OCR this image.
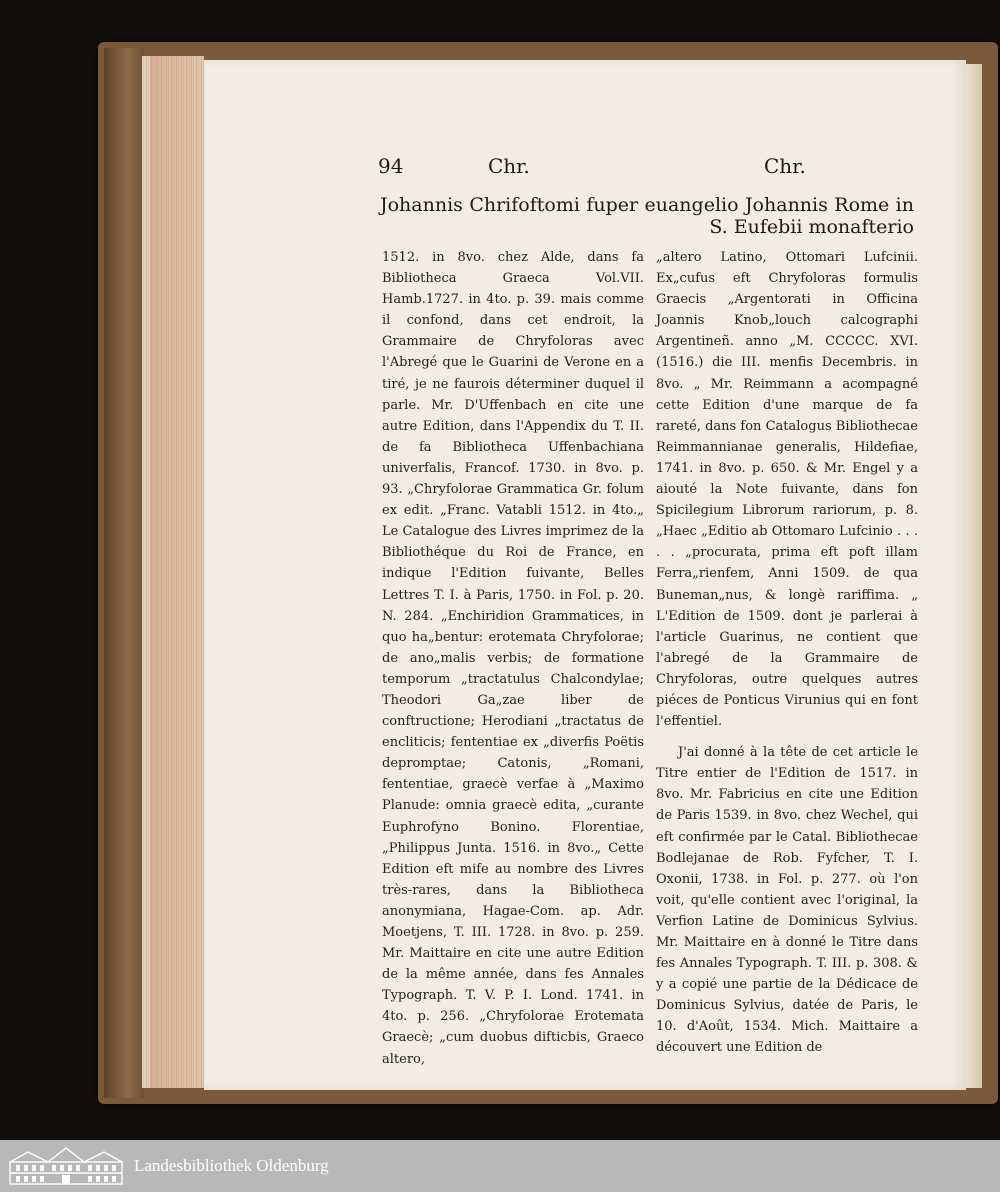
94	Chr.	Chr.
Johannis Chrifoftomi fuper euangelio Johannis Rome in S. Eufebii monafterio

1512. in 8vo. chez Alde, dans fa Bibliotheca Graeca Vol.VII. Hamb.1727. in 4to. p. 39. mais comme il confond, dans cet endroit, la Grammaire de Chryfoloras avec l'Abregé que le Guarini de Verone en a tiré, je ne faurois déterminer duquel il parle. Mr. D'Uffenbach en cite une autre Edition, dans l'Appendix du T. II. de fa Bibliotheca Uffenbachiana univerfalis, Francof. 1730. in 8vo. p. 93. „Chryfolorae Grammatica Gr. folum ex edit. „Franc. Vatabli 1512. in 4to.„ Le Catalogue des Livres imprimez de la Bibliothéque du Roi de France, en indique l'Edition fuivante, Belles Lettres T. I. à Paris, 1750. in Fol. p. 20. N. 284. „Enchiridion Grammatices, in quo ha„bentur: erotemata Chryfolorae; de ano„malis verbis; de formatione temporum „tractatulus Chalcondylae; Theodori Ga„zae liber de conftructione; Herodiani „tractatus de encliticis; fententiae ex „diverfis Poëtis depromptae; Catonis, „Romani, fententiae, graecè verfae à „Maximo Planude: omnia graecè edita, „curante Euphrofyno Bonino. Florentiae, „Philippus Junta. 1516. in 8vo.„ Cette Edition eft mife au nombre des Livres très-rares, dans la Bibliotheca anonymiana, Hagae-Com. ap. Adr. Moetjens, T. III. 1728. in 8vo. p. 259. Mr. Maittaire en cite une autre Edition de la même année, dans fes Annales Typograph. T. V. P. I. Lond. 1741. in 4to. p. 256. „Chryfolorae Erotemata Graecè; „cum duobus difticbis, Graeco altero,

„altero Latino, Ottomari Lufcinii. Ex„cufus eft Chryfoloras formulis Graecis „Argentorati in Officina Joannis Knob„louch calcographi Argentineñ. anno „M. CCCCC. XVI. (1516.) die III. menfis Decembris. in 8vo. „ Mr. Reimmann a acompagné cette Edition d'une marque de fa rareté, dans fon Catalogus Bibliothecae Reimmannianae generalis, Hildefiae, 1741. in 8vo. p. 650. & Mr. Engel y a aiouté la Note fuivante, dans fon Spicilegium Librorum rariorum, p. 8. „Haec „Editio ab Ottomaro Lufcinio . . . . . „procurata, prima eft poft illam Ferra„rienfem, Anni 1509. de qua Buneman„nus, & longè rariffima. „ L'Edition de 1509. dont je parlerai à l'article Guarinus, ne contient que l'abregé de la Grammaire de Chryfoloras, outre quelques autres piéces de Ponticus Virunius qui en font l'effentiel.

J'ai donné à la tête de cet article le Titre entier de l'Edition de 1517. in 8vo. Mr. Fabricius en cite une Edition de Paris 1539. in 8vo. chez Wechel, qui eft confirmée par le Catal. Bibliothecae Bodlejanae de Rob. Fyfcher, T. I. Oxonii, 1738. in Fol. p. 277. où l'on voit, qu'elle contient avec l'original, la Verfion Latine de Dominicus Sylvius. Mr. Maittaire en à donné le Titre dans fes Annales Typograph. T. III. p. 308. & y a copié une partie de la Dédicace de Dominicus Sylvius, datée de Paris, le 10. d'Août, 1534. Mich. Maittaire a découvert une Edition de

Landesbibliothek Oldenburg
